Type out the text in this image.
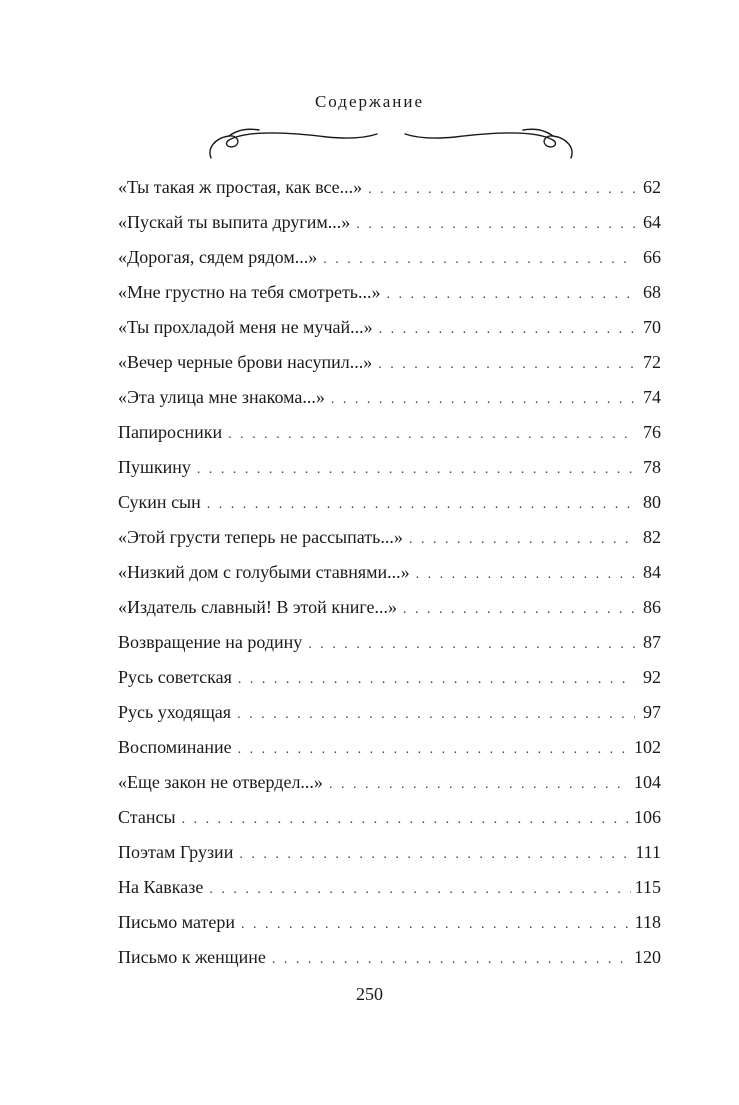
Содержание
«Ты такая ж простая, как все...» . . .	62
«Пускай ты выпита другим...» . . .	64
«Дорогая, сядем рядом...» . . .	66
«Мне грустно на тебя смотреть...» . . .	68
«Ты прохладой меня не мучай...» . . .	70
«Вечер черные брови насупил...» . . .	72
«Эта улица мне знакома...» . . .	74
Папиросники . . .	76
Пушкину . . .	78
Сукин сын . . .	80
«Этой грусти теперь не рассыпать...» . . .	82
«Низкий дом с голубыми ставнями...» . . .	84
«Издатель славный! В этой книге...» . . .	86
Возвращение на родину . . .	87
Русь советская . . .	92
Русь уходящая . . .	97
Воспоминание . . .	102
«Еще закон не отвердел...» . . .	104
Стансы . . .	106
Поэтам Грузии . . .	111
На Кавказе . . .	115
Письмо матери . . .	118
Письмо к женщине . . .	120
250
